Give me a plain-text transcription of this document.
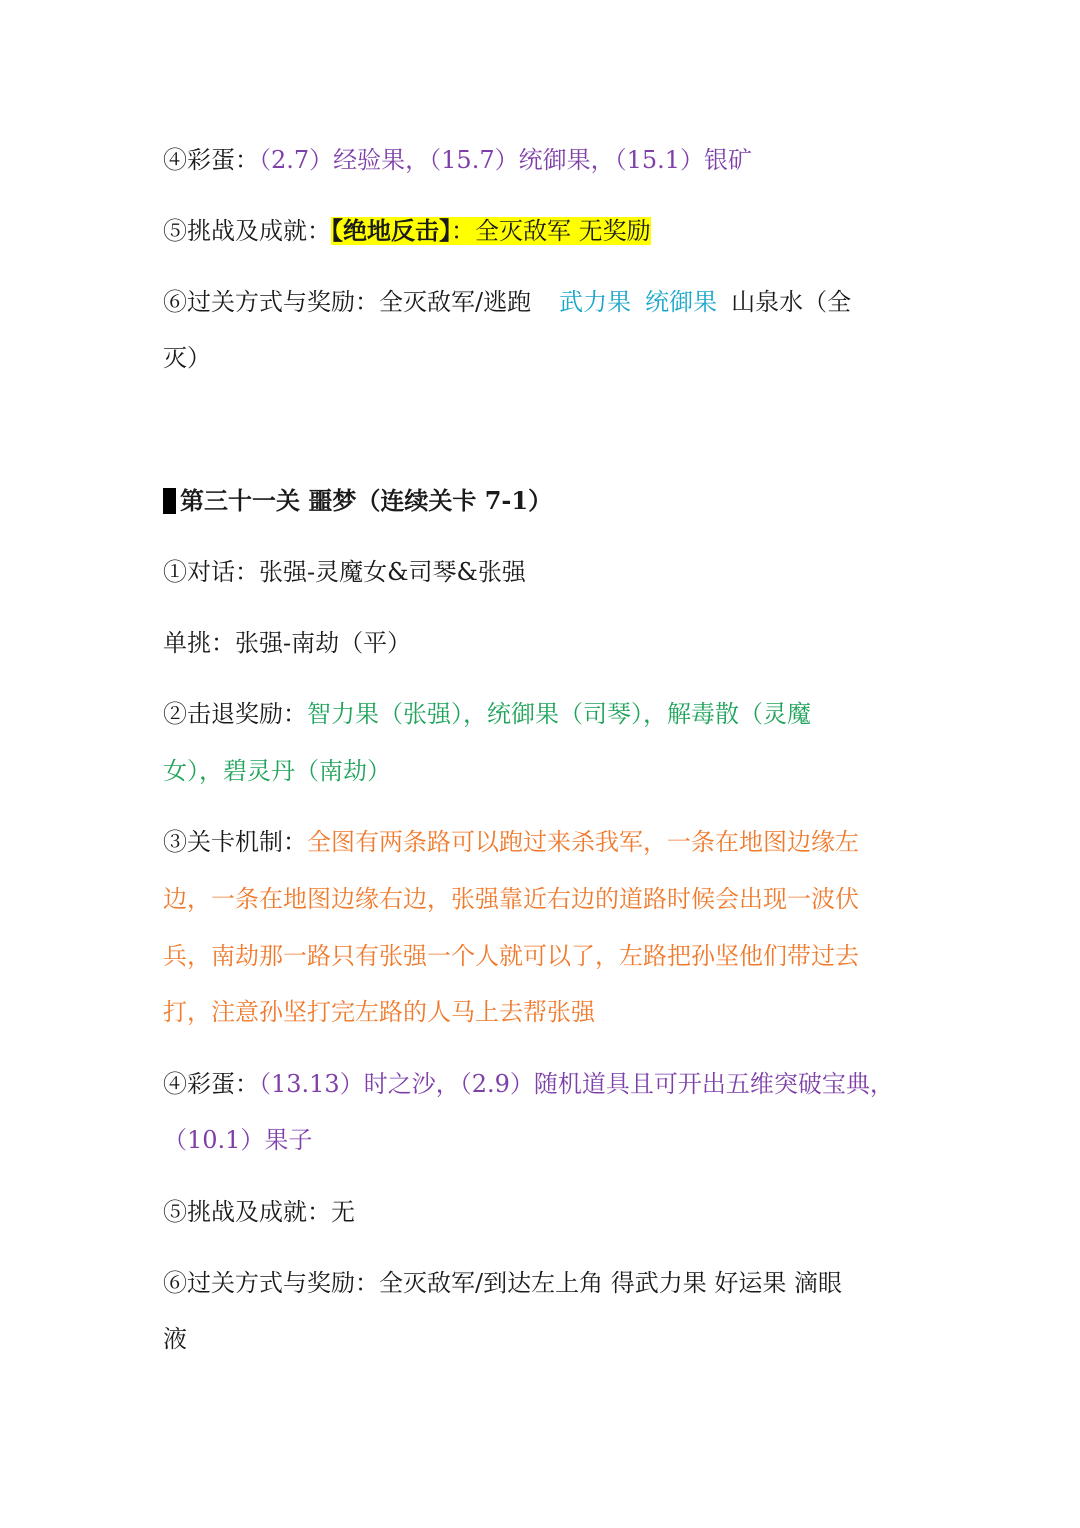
④彩蛋：（2.7）经验果，（15.7）统御果，（15.1）银矿
⑤挑战及成就：【绝地反击】：全灭敌军 无奖励
⑥过关方式与奖励：全灭敌军/逃跑 武力果 统御果 山泉水（全
灭）
第三十一关 噩梦（连续关卡 7-1）
①对话：张强-灵魔女&司琴&张强
单挑：张强-南劫（平）
②击退奖励：智力果（张强），统御果（司琴），解毒散（灵魔
女），碧灵丹（南劫）
③关卡机制：全图有两条路可以跑过来杀我军，一条在地图边缘左
边，一条在地图边缘右边，张强靠近右边的道路时候会出现一波伏
兵，南劫那一路只有张强一个人就可以了，左路把孙坚他们带过去
打，注意孙坚打完左路的人马上去帮张强
④彩蛋：（13.13）时之沙，（2.9）随机道具且可开出五维突破宝典，
（10.1）果子
⑤挑战及成就：无
⑥过关方式与奖励：全灭敌军/到达左上角 得武力果 好运果 滴眼
液
